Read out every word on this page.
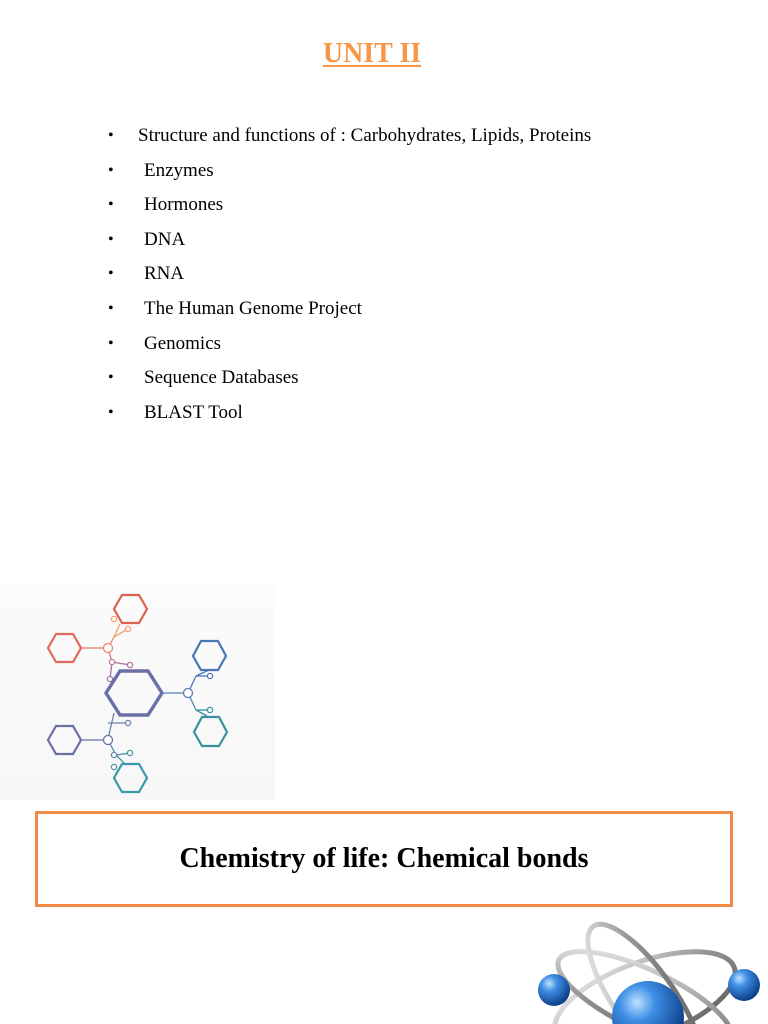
UNIT II
• Structure and functions of : Carbohydrates, Lipids, Proteins
• Enzymes
• Hormones
• DNA
• RNA
• The Human Genome Project
• Genomics
• Sequence Databases
• BLAST Tool

Chemistry of life: Chemical bonds
